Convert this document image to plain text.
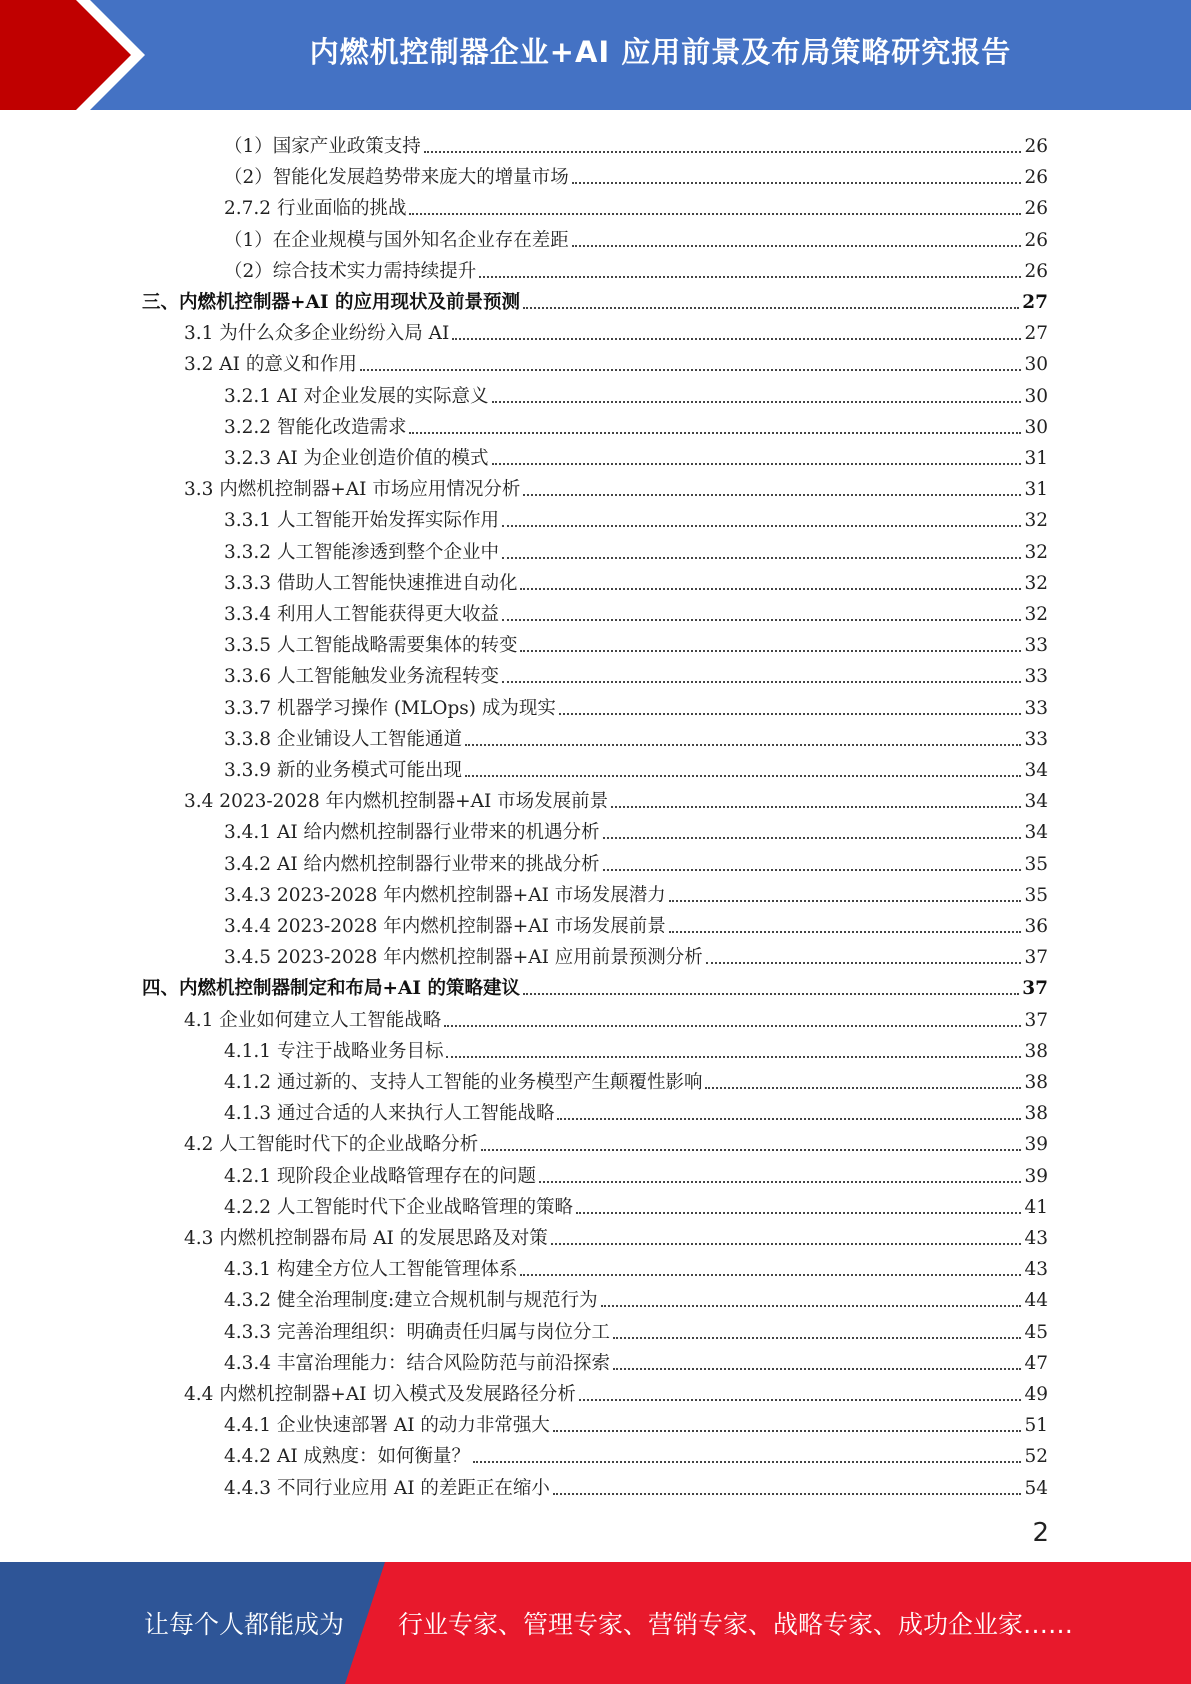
内燃机控制器企业+AI 应用前景及布局策略研究报告
（1）国家产业政策支持	26
（2）智能化发展趋势带来庞大的增量市场	26
2.7.2 行业面临的挑战	26
（1）在企业规模与国外知名企业存在差距	26
（2）综合技术实力需持续提升	26
三、内燃机控制器+AI 的应用现状及前景预测	27
3.1 为什么众多企业纷纷入局 AI	27
3.2 AI 的意义和作用	30
3.2.1 AI 对企业发展的实际意义	30
3.2.2 智能化改造需求	30
3.2.3 AI 为企业创造价值的模式	31
3.3 内燃机控制器+AI 市场应用情况分析	31
3.3.1 人工智能开始发挥实际作用	32
3.3.2 人工智能渗透到整个企业中	32
3.3.3 借助人工智能快速推进自动化	32
3.3.4 利用人工智能获得更大收益	32
3.3.5 人工智能战略需要集体的转变	33
3.3.6 人工智能触发业务流程转变	33
3.3.7 机器学习操作 (MLOps) 成为现实	33
3.3.8 企业铺设人工智能通道	33
3.3.9 新的业务模式可能出现	34
3.4 2023-2028 年内燃机控制器+AI 市场发展前景	34
3.4.1 AI 给内燃机控制器行业带来的机遇分析	34
3.4.2 AI 给内燃机控制器行业带来的挑战分析	35
3.4.3 2023-2028 年内燃机控制器+AI 市场发展潜力	35
3.4.4 2023-2028 年内燃机控制器+AI 市场发展前景	36
3.4.5 2023-2028 年内燃机控制器+AI 应用前景预测分析	37
四、内燃机控制器制定和布局+AI 的策略建议	37
4.1 企业如何建立人工智能战略	37
4.1.1 专注于战略业务目标	38
4.1.2 通过新的、支持人工智能的业务模型产生颠覆性影响	38
4.1.3 通过合适的人来执行人工智能战略	38
4.2 人工智能时代下的企业战略分析	39
4.2.1 现阶段企业战略管理存在的问题	39
4.2.2 人工智能时代下企业战略管理的策略	41
4.3 内燃机控制器布局 AI 的发展思路及对策	43
4.3.1 构建全方位人工智能管理体系	43
4.3.2 健全治理制度:建立合规机制与规范行为	44
4.3.3 完善治理组织：明确责任归属与岗位分工	45
4.3.4 丰富治理能力：结合风险防范与前沿探索	47
4.4 内燃机控制器+AI 切入模式及发展路径分析	49
4.4.1 企业快速部署 AI 的动力非常强大	51
4.4.2 AI 成熟度：如何衡量？	52
4.4.3 不同行业应用 AI 的差距正在缩小	54
2
让每个人都能成为 行业专家、管理专家、营销专家、战略专家、成功企业家……
